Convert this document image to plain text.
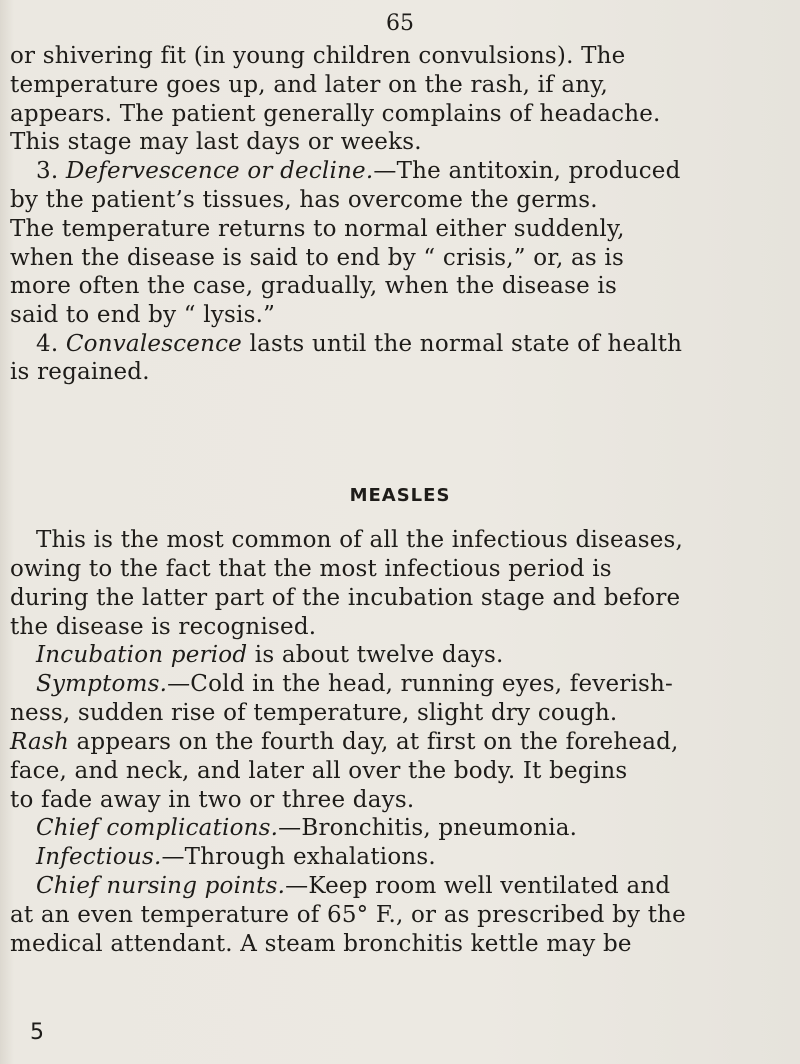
65
or shivering fit (in young children convulsions). The
temperature goes up, and later on the rash, if any,
appears. The patient generally complains of headache.
This stage may last days or weeks.
3. Defervescence or decline.—The antitoxin, produced
by the patient’s tissues, has overcome the germs.
The temperature returns to normal either suddenly,
when the disease is said to end by “ crisis,” or, as is
more often the case, gradually, when the disease is
said to end by “ lysis.”
4. Convalescence lasts until the normal state of health
is regained.
This is the most common of all the infectious diseases,
owing to the fact that the most infectious period is
during the latter part of the incubation stage and before
the disease is recognised.
Incubation period is about twelve days.
Symptoms.—Cold in the head, running eyes, feverish-
ness, sudden rise of temperature, slight dry cough.
Rash appears on the fourth day, at first on the forehead,
face, and neck, and later all over the body. It begins
to fade away in two or three days.
Chief complications.—Bronchitis, pneumonia.
Infectious.—Through exhalations.
Chief nursing points.—Keep room well ventilated and
at an even temperature of 65° F., or as prescribed by the
medical attendant. A steam bronchitis kettle may be
MEASLES
5
